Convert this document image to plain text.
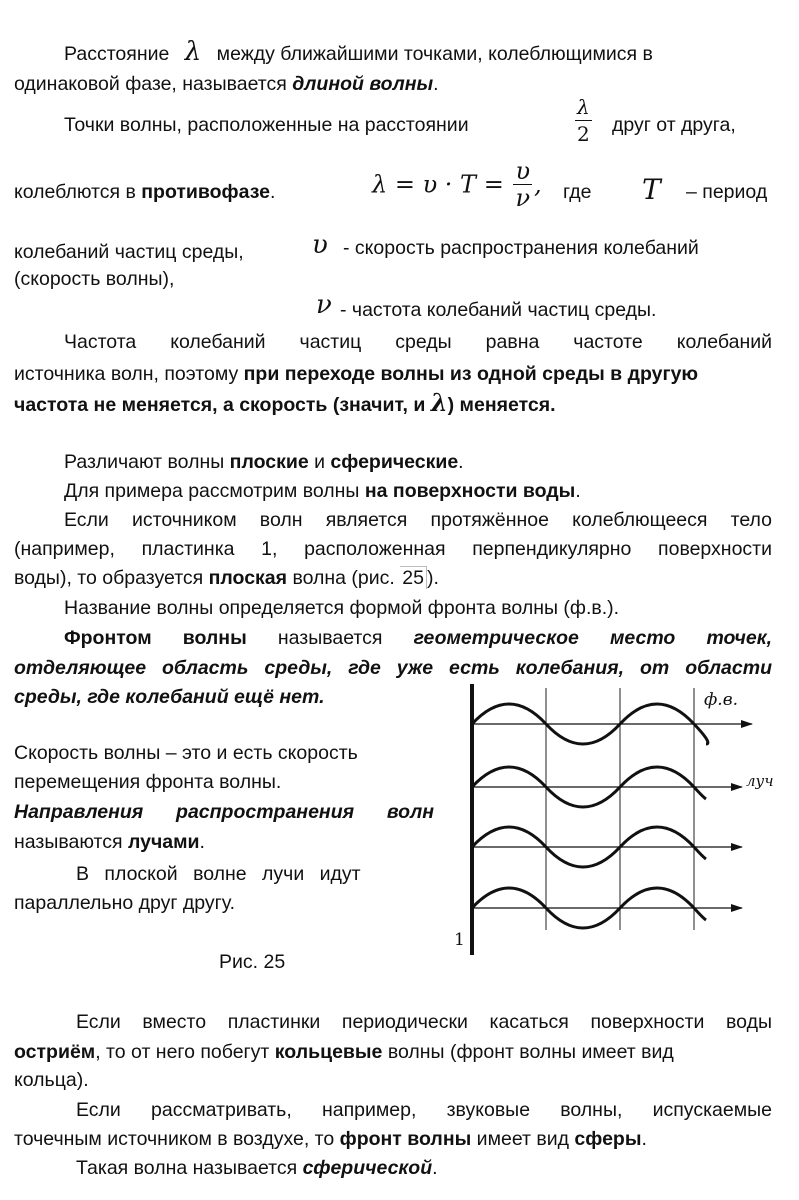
Расстояние λ между ближайшими точками, колеблющимися в
одинаковой фазе, называется длиной волны.
Точки волны, расположенные на расстоянии	$\frac{\lambda}{2}$ друг от друга,
колеблются в противофазе.	$\lambda = \upsilon \cdot T = \frac{\upsilon}{\nu}$ , где T – период
колебаний частиц среды,	υ - скорость распространения колебаний
(скорость волны),
ν - частота колебаний частиц среды.
Частота колебаний частиц среды равна частоте колебаний
источника волн, поэтому при переходе волны из одной среды в другую
частота не меняется, а скорость (значит, и λ) меняется.
Различают волны плоские и сферические.
Для примера рассмотрим волны на поверхности воды.
Если источником волн является протяжённое колеблющееся тело
(например, пластинка 1, расположенная перпендикулярно поверхности
воды), то образуется плоская волна (рис. 25 ).
Название волны определяется формой фронта волны (ф.в.).
Фронтом волны называется геометрическое место точек,
отделяющее область среды, где уже есть колебания, от области
среды, где колебаний ещё нет.
Скорость волны – это и есть скорость
перемещения фронта волны.
Направления распространения волн
называются лучами.
В плоской волне лучи идут
параллельно друг другу.
ф.в.
луч
1
Рис. 25
Если вместо пластинки периодически касаться поверхности воды
остриём, то от него побегут кольцевые волны (фронт волны имеет вид
кольца).
Если рассматривать, например, звуковые волны, испускаемые
точечным источником в воздухе, то фронт волны имеет вид сферы.
Такая волна называется сферической.
